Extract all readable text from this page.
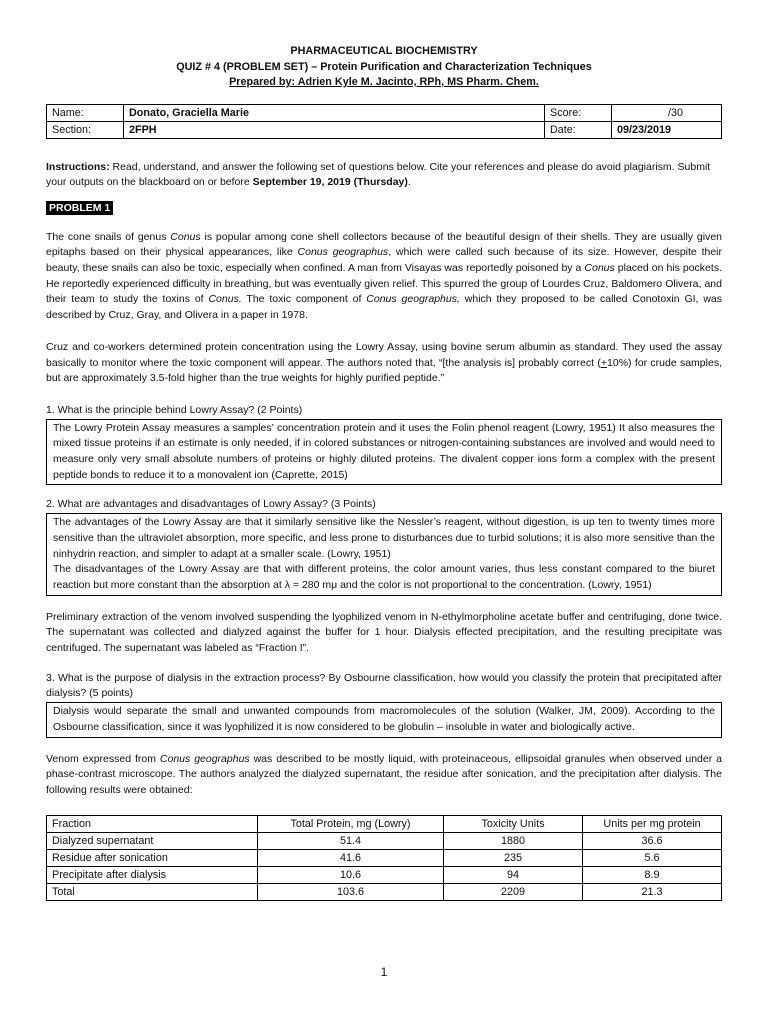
PHARMACEUTICAL BIOCHEMISTRY
QUIZ # 4 (PROBLEM SET) – Protein Purification and Characterization Techniques
Prepared by: Adrien Kyle M. Jacinto, RPh, MS Pharm. Chem.
Name:	Donato, Graciella Marie	Score:	/30
Section:	2FPH	Date:	09/23/2019

Instructions: Read, understand, and answer the following set of questions below. Cite your references and please do avoid plagiarism. Submit your outputs on the blackboard on or before September 19, 2019 (Thursday).

PROBLEM 1

The cone snails of genus Conus is popular among cone shell collectors because of the beautiful design of their shells. They are usually given epitaphs based on their physical appearances, like Conus geographus, which were called such because of its size. However, despite their beauty, these snails can also be toxic, especially when confined. A man from Visayas was reportedly poisoned by a Conus placed on his pockets. He reportedly experienced difficulty in breathing, but was eventually given relief. This spurred the group of Lourdes Cruz, Baldomero Olivera, and their team to study the toxins of Conus. The toxic component of Conus geographus, which they proposed to be called Conotoxin GI, was described by Cruz, Gray, and Olivera in a paper in 1978.

Cruz and co-workers determined protein concentration using the Lowry Assay, using bovine serum albumin as standard. They used the assay basically to monitor where the toxic component will appear. The authors noted that, “[the analysis is] probably correct (+10%) for crude samples, but are approximately 3.5-fold higher than the true weights for highly purified peptide.”

1. What is the principle behind Lowry Assay? (2 Points)

The Lowry Protein Assay measures a samples’ concentration protein and it uses the Folin phenol reagent (Lowry, 1951) It also measures the mixed tissue proteins if an estimate is only needed, if in colored substances or nitrogen-containing substances are involved and would need to measure only very small absolute numbers of proteins or highly diluted proteins. The divalent copper ions form a complex with the present peptide bonds to reduce it to a monovalent ion (Caprette, 2015)

2. What are advantages and disadvantages of Lowry Assay? (3 Points)

The advantages of the Lowry Assay are that it similarly sensitive like the Nessler’s reagent, without digestion, is up ten to twenty times more sensitive than the ultraviolet absorption, more specific, and less prone to disturbances due to turbid solutions; it is also more sensitive than the ninhydrin reaction, and simpler to adapt at a smaller scale. (Lowry, 1951)
The disadvantages of the Lowry Assay are that with different proteins, the color amount varies, thus less constant compared to the biuret reaction but more constant than the absorption at λ = 280 mμ and the color is not proportional to the concentration. (Lowry, 1951)

Preliminary extraction of the venom involved suspending the lyophilized venom in N-ethylmorpholine acetate buffer and centrifuging, done twice. The supernatant was collected and dialyzed against the buffer for 1 hour. Dialysis effected precipitation, and the resulting precipitate was centrifuged. The supernatant was labeled as “Fraction I”.

3. What is the purpose of dialysis in the extraction process? By Osbourne classification, how would you classify the protein that precipitated after dialysis? (5 points)

Dialysis would separate the small and unwanted compounds from macromolecules of the solution (Walker, JM, 2009). According to the Osbourne classification, since it was lyophilized it is now considered to be globulin – insoluble in water and biologically active.

Venom expressed from Conus geographus was described to be mostly liquid, with proteinaceous, ellipsoidal granules when observed under a phase-contrast microscope. The authors analyzed the dialyzed supernatant, the residue after sonication, and the precipitation after dialysis. The following results were obtained:

Fraction	Total Protein, mg (Lowry)	Toxicity Units	Units per mg protein
Dialyzed supernatant	51.4	1880	36.6
Residue after sonication	41.6	235	5.6
Precipitate after dialysis	10.6	94	8.9
Total	103.6	2209	21.3
1
